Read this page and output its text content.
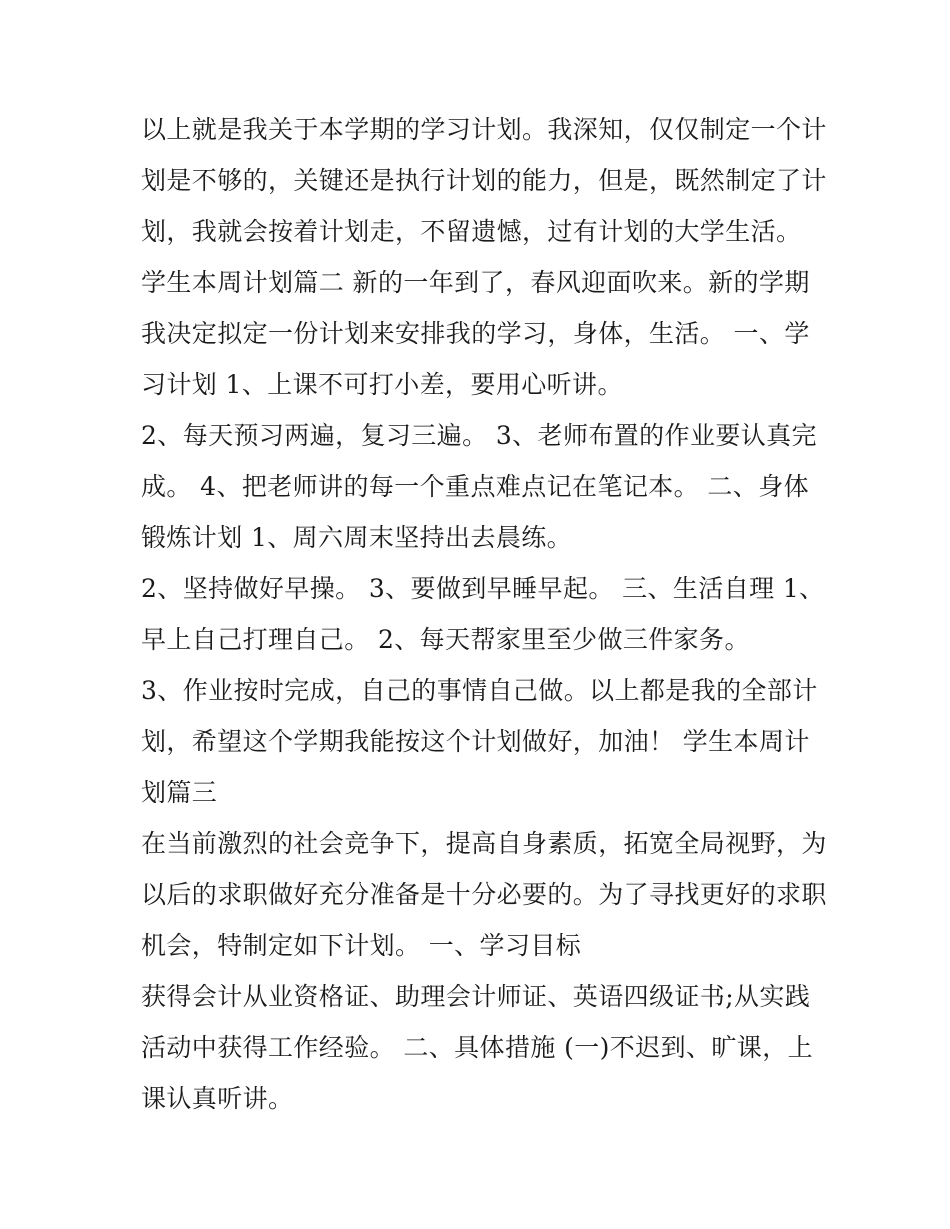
以上就是我关于本学期的学习计划。我深知，仅仅制定一个计
划是不够的，关键还是执行计划的能力，但是，既然制定了计
划，我就会按着计划走，不留遗憾，过有计划的大学生活。
学生本周计划篇二 新的一年到了，春风迎面吹来。新的学期
我决定拟定一份计划来安排我的学习，身体，生活。 一、学
习计划 1、上课不可打小差，要用心听讲。
2、每天预习两遍，复习三遍。 3、老师布置的作业要认真完
成。 4、把老师讲的每一个重点难点记在笔记本。 二、身体
锻炼计划 1、周六周末坚持出去晨练。
2、坚持做好早操。 3、要做到早睡早起。 三、生活自理 1、
早上自己打理自己。 2、每天帮家里至少做三件家务。
3、作业按时完成，自己的事情自己做。以上都是我的全部计
划，希望这个学期我能按这个计划做好，加油！ 学生本周计
划篇三
在当前激烈的社会竞争下，提高自身素质，拓宽全局视野，为
以后的求职做好充分准备是十分必要的。为了寻找更好的求职
机会，特制定如下计划。 一、学习目标
获得会计从业资格证、助理会计师证、英语四级证书;从实践
活动中获得工作经验。 二、具体措施 (一)不迟到、旷课，上
课认真听讲。
